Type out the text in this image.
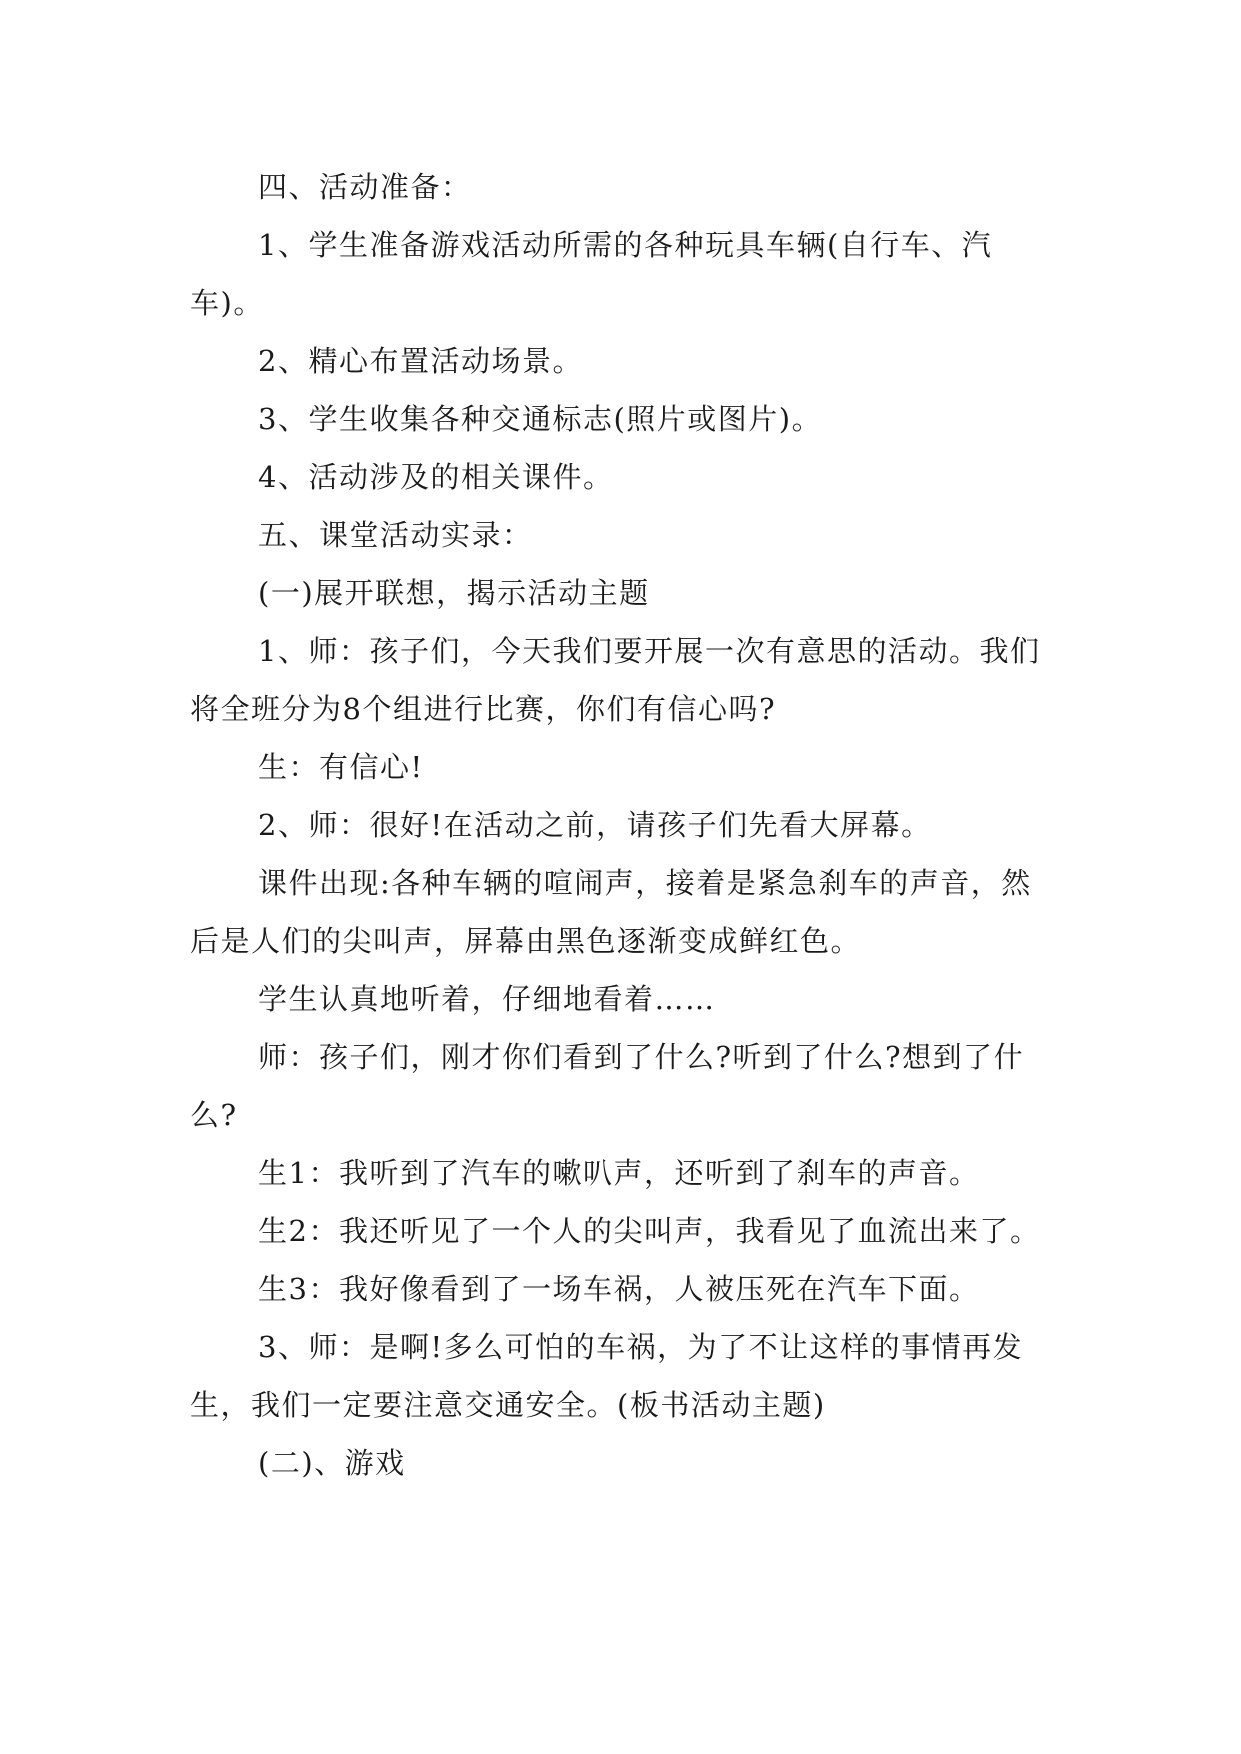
四、活动准备：

1、学生准备游戏活动所需的各种玩具车辆(自行车、汽车)。

2、精心布置活动场景。

3、学生收集各种交通标志(照片或图片)。

4、活动涉及的相关课件。

五、课堂活动实录：

(一)展开联想，揭示活动主题

1、师：孩子们，今天我们要开展一次有意思的活动。我们将全班分为8个组进行比赛，你们有信心吗?

生：有信心!

2、师：很好!在活动之前，请孩子们先看大屏幕。

课件出现:各种车辆的喧闹声，接着是紧急刹车的声音，然后是人们的尖叫声，屏幕由黑色逐渐变成鲜红色。

学生认真地听着，仔细地看着……

师：孩子们，刚才你们看到了什么?听到了什么?想到了什么?

生1：我听到了汽车的嗽叭声，还听到了刹车的声音。

生2：我还听见了一个人的尖叫声，我看见了血流出来了。

生3：我好像看到了一场车祸，人被压死在汽车下面。

3、师：是啊!多么可怕的车祸，为了不让这样的事情再发生，我们一定要注意交通安全。(板书活动主题)

(二)、游戏
